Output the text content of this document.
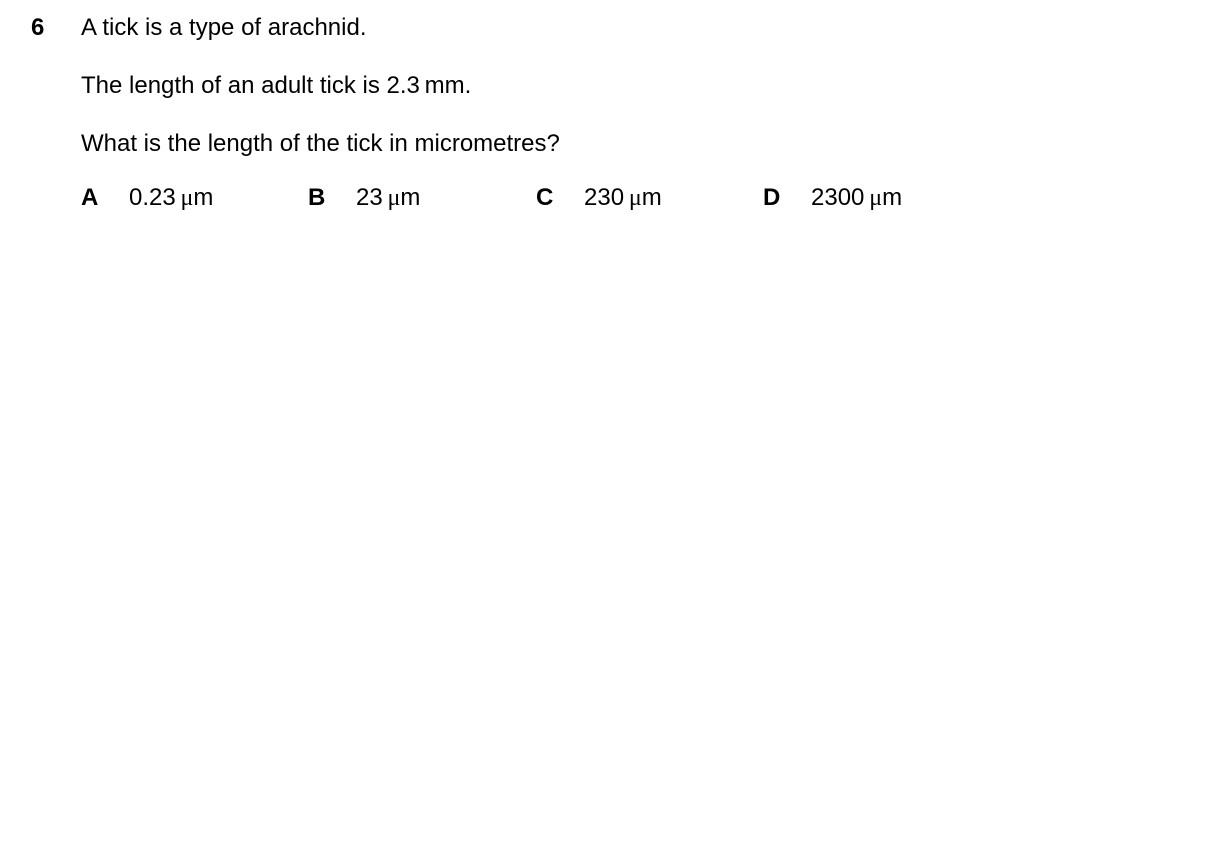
6 A tick is a type of arachnid.
The length of an adult tick is 2.3 mm.
What is the length of the tick in micrometres?
A 0.23  μm	B 23  μm	C 230  μm	D 2300  μm
